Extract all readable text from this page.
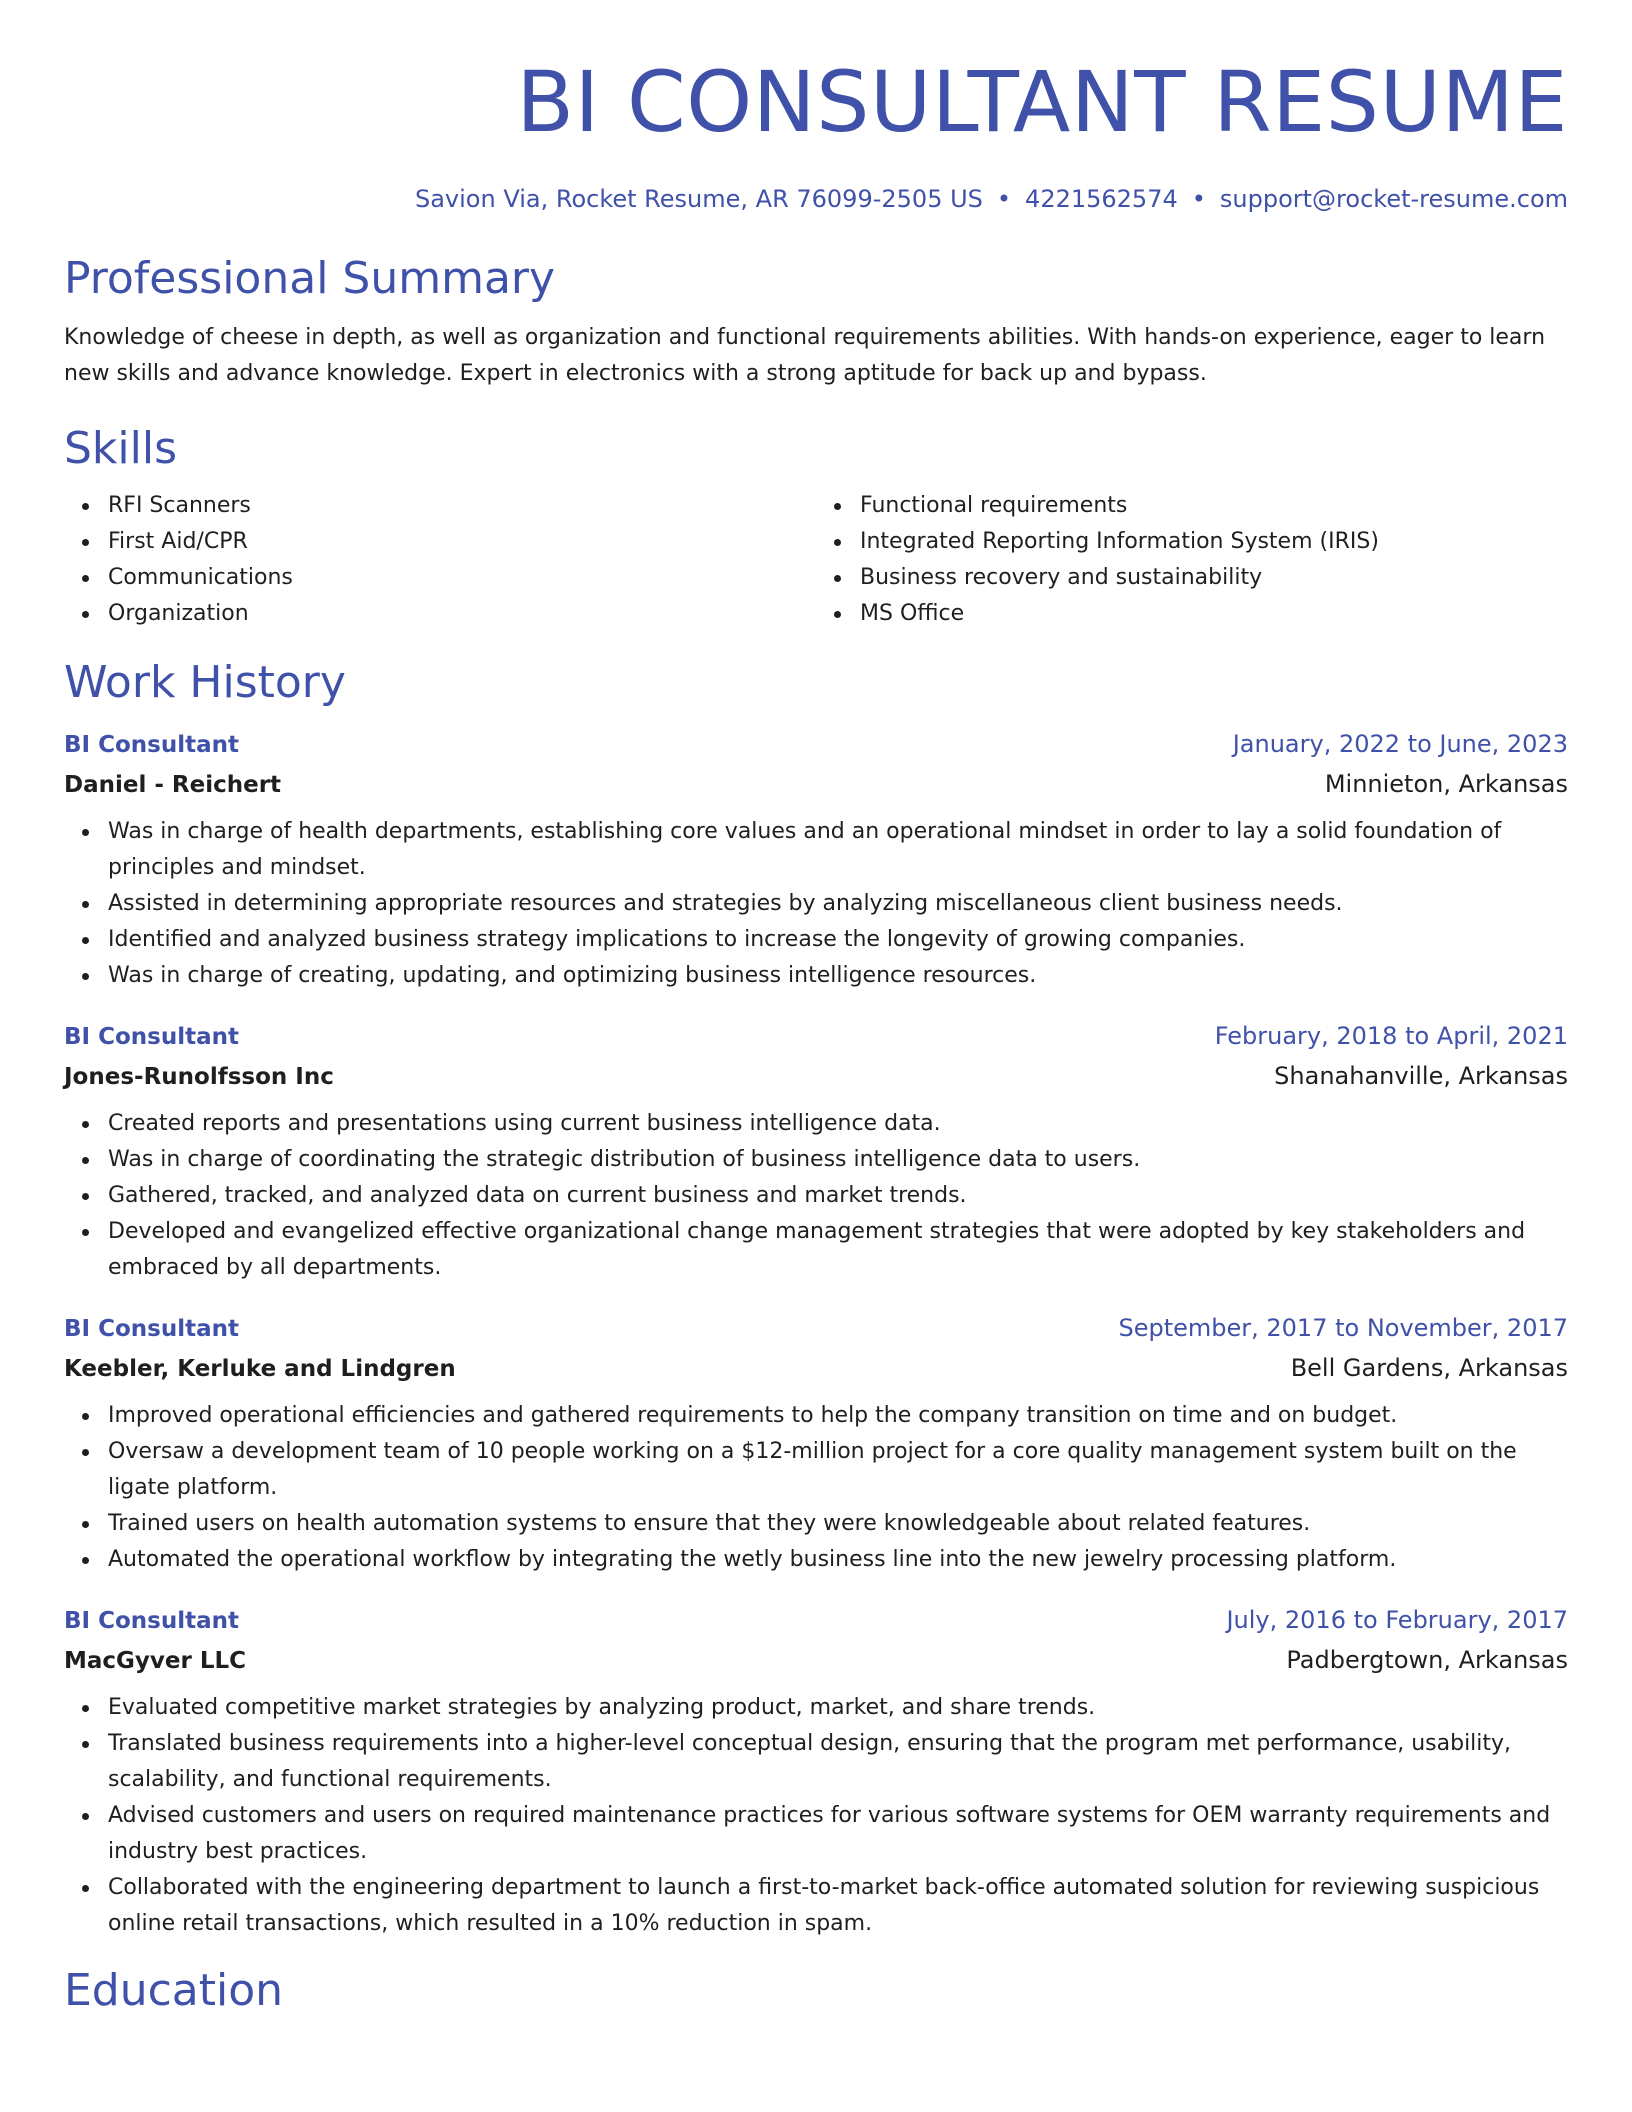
BI CONSULTANT RESUME
Savion Via, Rocket Resume, AR 76099-2505 US • 4221562574 • support@rocket-resume.com
Professional Summary

Knowledge of cheese in depth, as well as organization and functional requirements abilities. With hands-on experience, eager to learn new skills and advance knowledge. Expert in electronics with a strong aptitude for back up and bypass.

Skills
RFI Scanners
First Aid/CPR
Communications
Organization
Functional requirements
Integrated Reporting Information System (IRIS)
Business recovery and sustainability
MS Office
Work History
BI Consultant	January, 2022 to June, 2023
Daniel - Reichert	Minnieton, Arkansas
Was in charge of health departments, establishing core values and an operational mindset in order to lay a solid foundation of principles and mindset.
Assisted in determining appropriate resources and strategies by analyzing miscellaneous client business needs.
Identified and analyzed business strategy implications to increase the longevity of growing companies.
Was in charge of creating, updating, and optimizing business intelligence resources.
BI Consultant	February, 2018 to April, 2021
Jones-Runolfsson Inc	Shanahanville, Arkansas
Created reports and presentations using current business intelligence data.
Was in charge of coordinating the strategic distribution of business intelligence data to users.
Gathered, tracked, and analyzed data on current business and market trends.
Developed and evangelized effective organizational change management strategies that were adopted by key stakeholders and embraced by all departments.
BI Consultant	September, 2017 to November, 2017
Keebler, Kerluke and Lindgren	Bell Gardens, Arkansas
Improved operational efficiencies and gathered requirements to help the company transition on time and on budget.
Oversaw a development team of 10 people working on a $12-million project for a core quality management system built on the ligate platform.
Trained users on health automation systems to ensure that they were knowledgeable about related features.
Automated the operational workflow by integrating the wetly business line into the new jewelry processing platform.
BI Consultant	July, 2016 to February, 2017
MacGyver LLC	Padbergtown, Arkansas
Evaluated competitive market strategies by analyzing product, market, and share trends.
Translated business requirements into a higher-level conceptual design, ensuring that the program met performance, usability, scalability, and functional requirements.
Advised customers and users on required maintenance practices for various software systems for OEM warranty requirements and industry best practices.
Collaborated with the engineering department to launch a first-to-market back-office automated solution for reviewing suspicious online retail transactions, which resulted in a 10% reduction in spam.
Education
